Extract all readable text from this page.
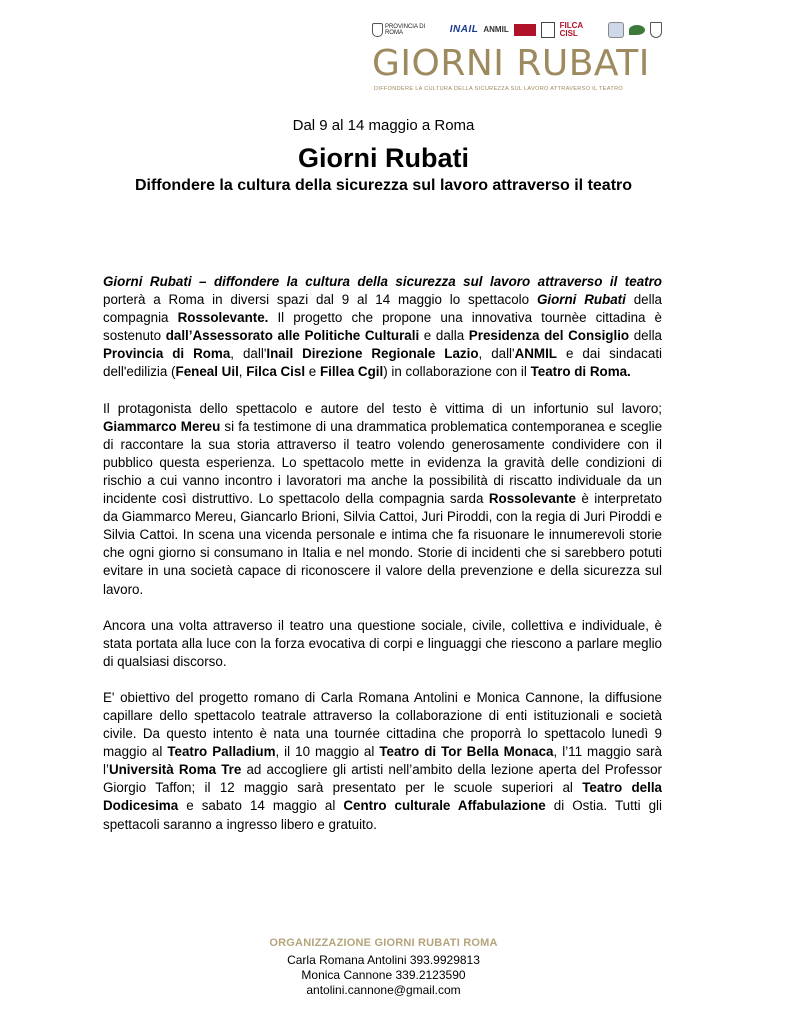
PROVINCIA DI ROMA	INAIL ANMIL	FILCA CISL
GIORNI RUBATI
DIFFONDERE LA CULTURA DELLA SICUREZZA SUL LAVORO ATTRAVERSO IL TEATRO
Dal 9 al 14 maggio a Roma
Giorni Rubati
Diffondere la cultura della sicurezza sul lavoro attraverso il teatro

Giorni Rubati – diffondere la cultura della sicurezza sul lavoro attraverso il teatro porterà a Roma in diversi spazi dal 9 al 14 maggio lo spettacolo Giorni Rubati della compagnia Rossolevante. Il progetto che propone una innovativa tournèe cittadina è sostenuto dall’Assessorato alle Politiche Culturali e dalla Presidenza del Consiglio della Provincia di Roma, dall'Inail Direzione Regionale Lazio, dall'ANMIL e dai sindacati dell'edilizia (Feneal Uil, Filca Cisl e Fillea Cgil) in collaborazione con il Teatro di Roma.

Il protagonista dello spettacolo e autore del testo è vittima di un infortunio sul lavoro; Giammarco Mereu si fa testimone di una drammatica problematica contemporanea e sceglie di raccontare la sua storia attraverso il teatro volendo generosamente condividere con il pubblico questa esperienza. Lo spettacolo mette in evidenza la gravità delle condizioni di rischio a cui vanno incontro i lavoratori ma anche la possibilità di riscatto individuale da un incidente così distruttivo. Lo spettacolo della compagnia sarda Rossolevante è interpretato da Giammarco Mereu, Giancarlo Brioni, Silvia Cattoi, Juri Piroddi, con la regia di Juri Piroddi e Silvia Cattoi. In scena una vicenda personale e intima che fa risuonare le innumerevoli storie che ogni giorno si consumano in Italia e nel mondo. Storie di incidenti che si sarebbero potuti evitare in una società capace di riconoscere il valore della prevenzione e della sicurezza sul lavoro.

Ancora una volta attraverso il teatro una questione sociale, civile, collettiva e individuale, è stata portata alla luce con la forza evocativa di corpi e linguaggi che riescono a parlare meglio di qualsiasi discorso.

E' obiettivo del progetto romano di Carla Romana Antolini e Monica Cannone, la diffusione capillare dello spettacolo teatrale attraverso la collaborazione di enti istituzionali e società civile. Da questo intento è nata una tournée cittadina che proporrà lo spettacolo lunedì 9 maggio al Teatro Palladium, il 10 maggio al Teatro di Tor Bella Monaca, l’11 maggio sarà l’Università Roma Tre ad accogliere gli artisti nell’ambito della lezione aperta del Professor Giorgio Taffon; il 12 maggio sarà presentato per le scuole superiori al Teatro della Dodicesima e sabato 14 maggio al Centro culturale Affabulazione di Ostia. Tutti gli spettacoli saranno a ingresso libero e gratuito.

ORGANIZZAZIONE GIORNI RUBATI ROMA
Carla Romana Antolini 393.9929813
Monica Cannone 339.2123590
antolini.cannone@gmail.com
